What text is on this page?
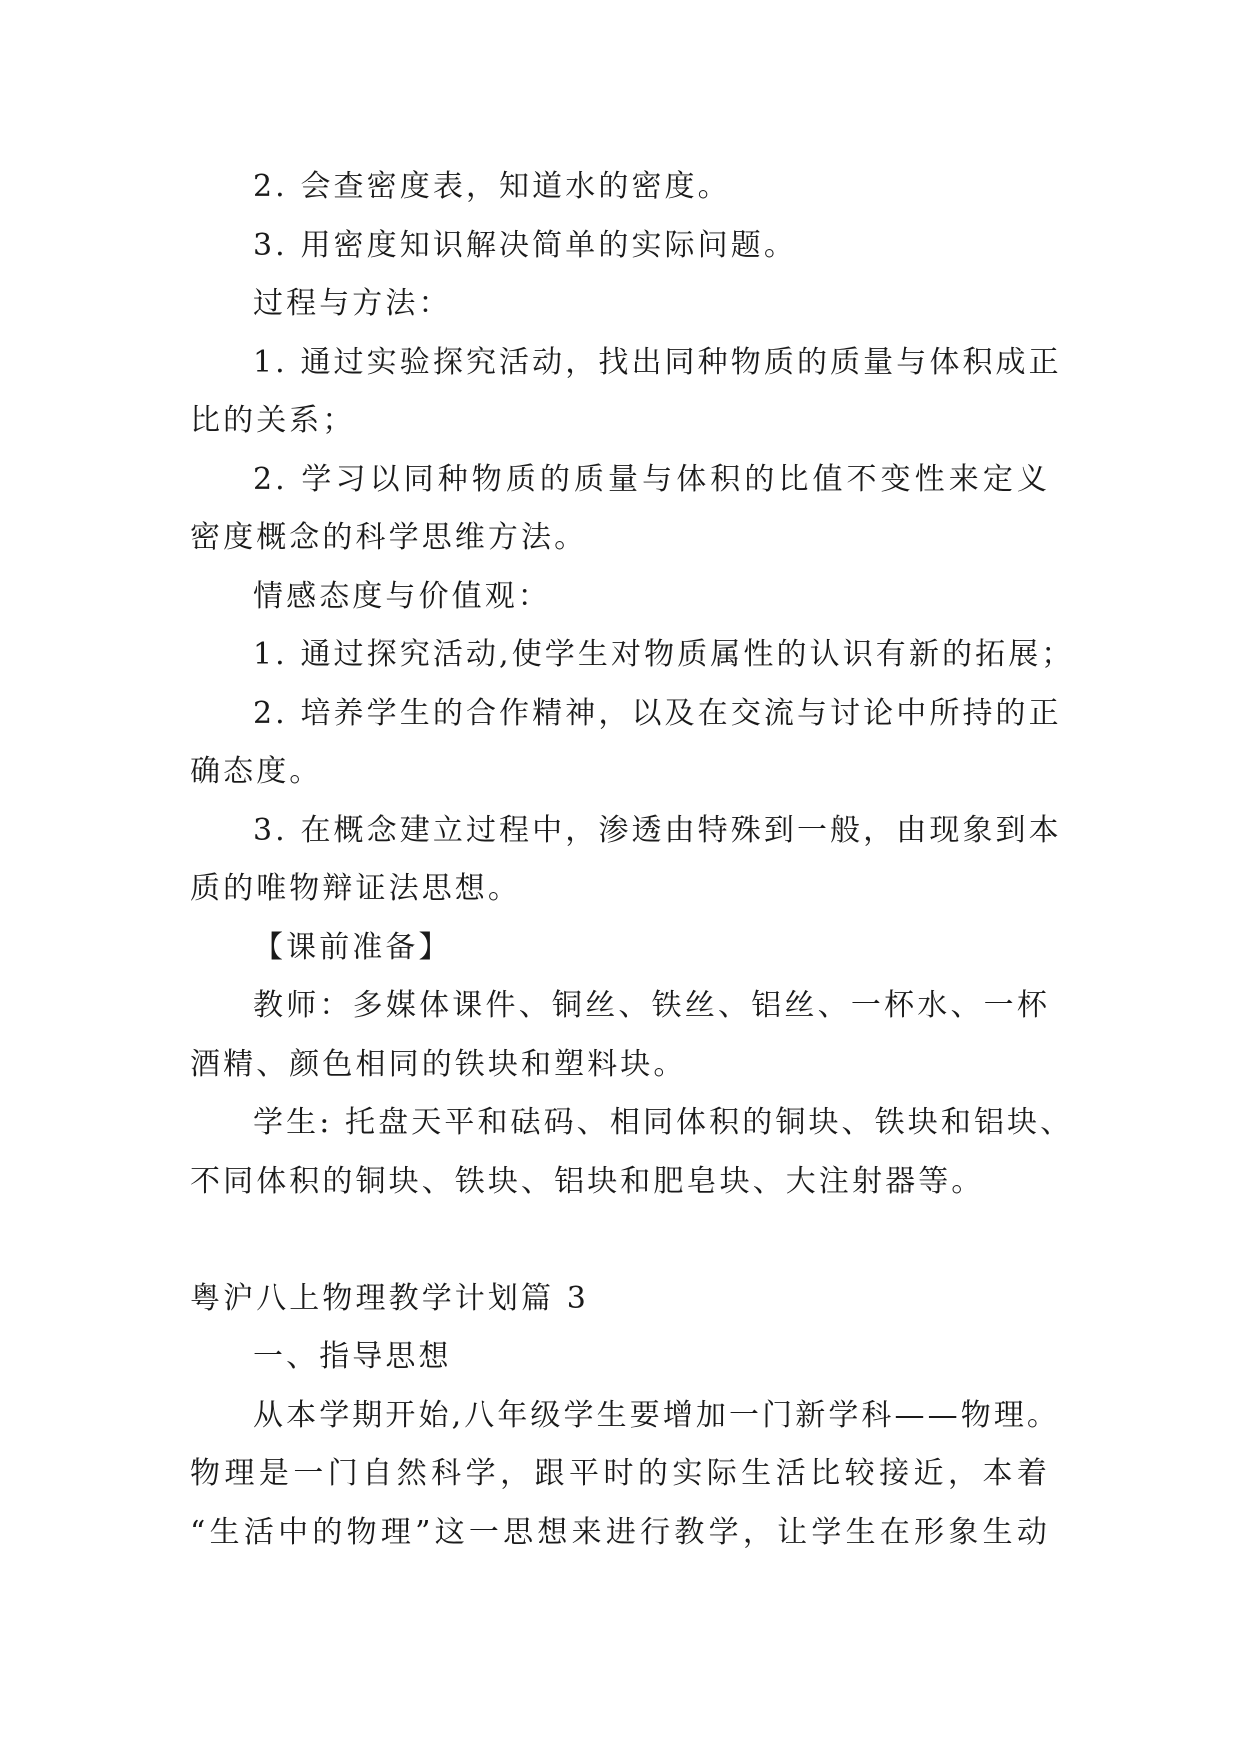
2. 会查密度表，知道水的密度。
3. 用密度知识解决简单的实际问题。
过程与方法：
1. 通过实验探究活动，找出同种物质的质量与体积成正
比的关系；
2. 学习以同种物质的质量与体积的比值不变性来定义
密度概念的科学思维方法。
情感态度与价值观：
1. 通过探究活动,使学生对物质属性的认识有新的拓展；
2. 培养学生的合作精神，以及在交流与讨论中所持的正
确态度。
3. 在概念建立过程中，渗透由特殊到一般，由现象到本
质的唯物辩证法思想。
【课前准备】
教师：多媒体课件、铜丝、铁丝、铝丝、一杯水、一杯
酒精、颜色相同的铁块和塑料块。
学生: 托盘天平和砝码、相同体积的铜块、铁块和铝块、
不同体积的铜块、铁块、铝块和肥皂块、大注射器等。
粤沪八上物理教学计划篇 3
一、指导思想
从本学期开始,八年级学生要增加一门新学科——物理。
物理是一门自然科学，跟平时的实际生活比较接近，本着
“生活中的物理”这一思想来进行教学，让学生在形象生动
